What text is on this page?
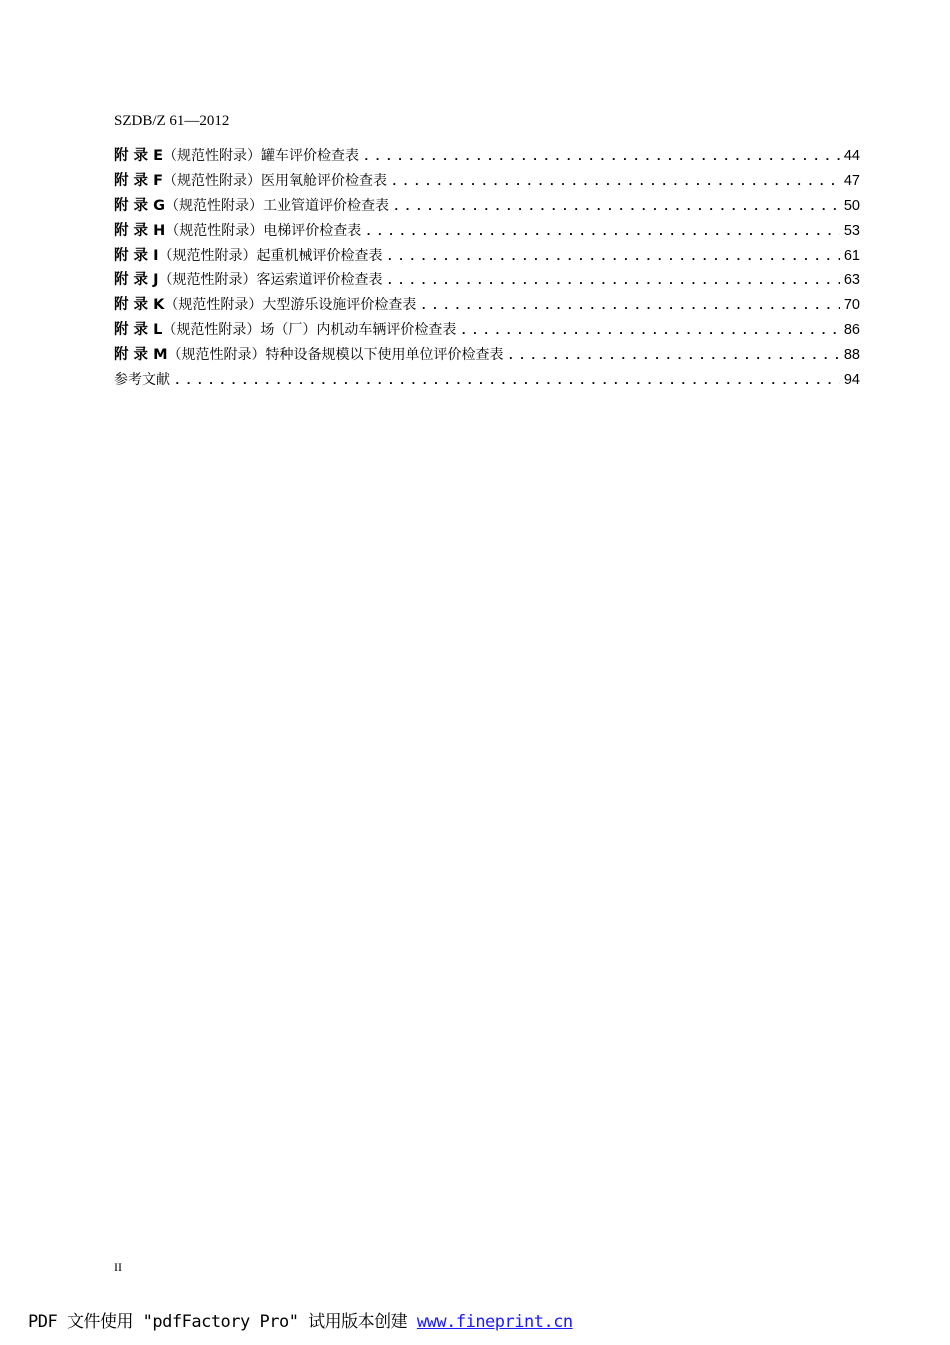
SZDB/Z 61—2012
附 录 E （规范性附录）罐车评价检查表 . . .	44
附 录 F （规范性附录）医用氧舱评价检查表 . . .	47
附 录 G （规范性附录）工业管道评价检查表 . . .	50
附 录 H （规范性附录）电梯评价检查表 . . .	53
附 录 I （规范性附录）起重机械评价检查表 . . .	61
附 录 J （规范性附录）客运索道评价检查表 . . .	63
附 录 K （规范性附录）大型游乐设施评价检查表 . . .	70
附 录 L （规范性附录）场（厂）内机动车辆评价检查表 . . .	86
附 录 M （规范性附录）特种设备规模以下使用单位评价检查表 . . .	88
参考文献 . . .	94
II
PDF 文件使用 "pdfFactory Pro" 试用版本创建 www.fineprint.cn
